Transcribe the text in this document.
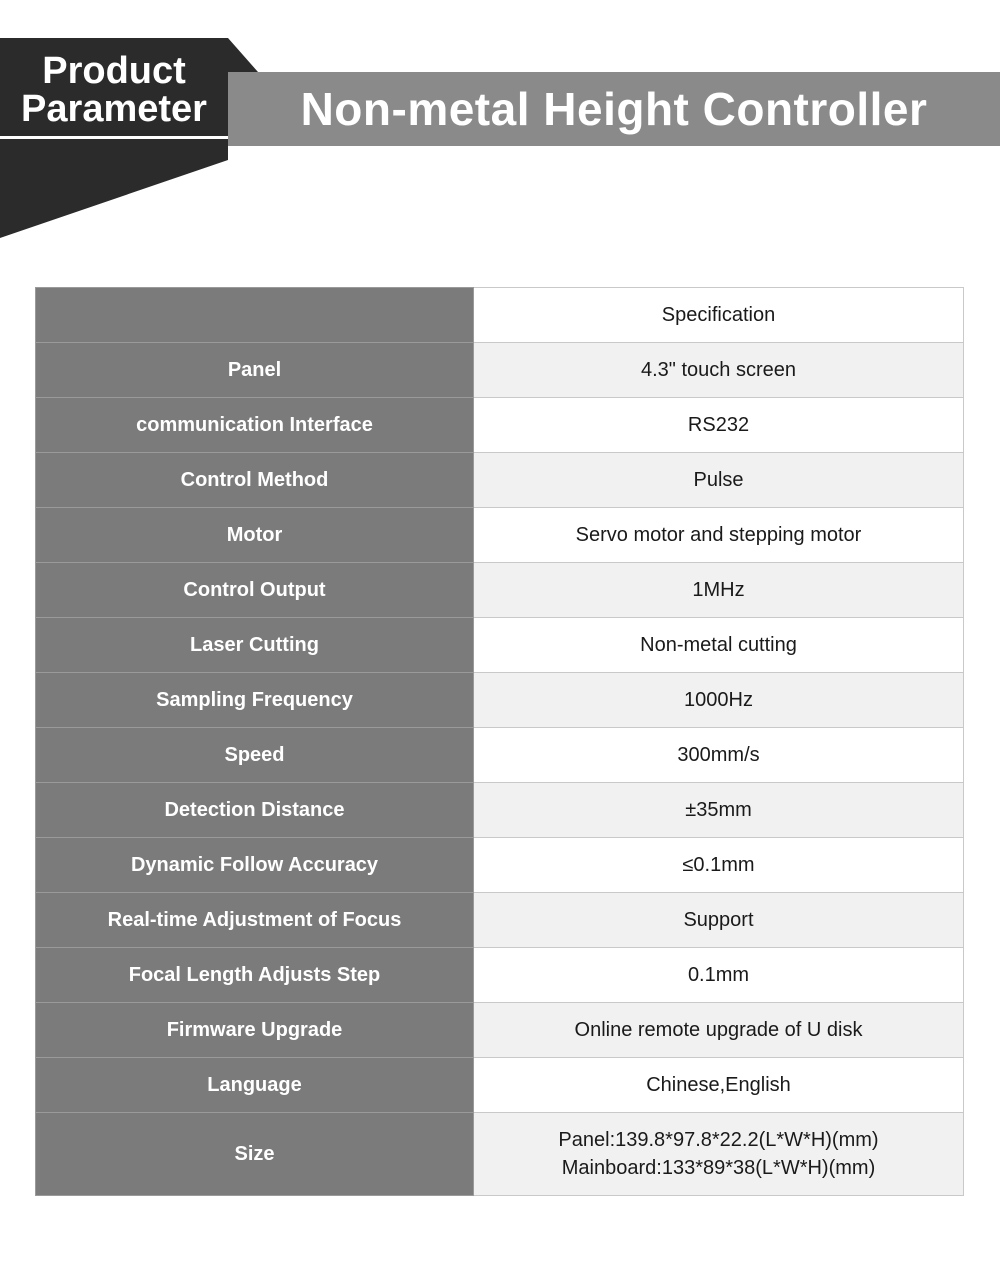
Product
Parameter	Non-metal Height Controller
	Specification
Panel	4.3" touch screen
communication Interface	RS232
Control Method	Pulse
Motor	Servo motor and stepping motor
Control Output	1MHz
Laser Cutting	Non-metal cutting
Sampling Frequency	1000Hz
Speed	300mm/s
Detection Distance	±35mm
Dynamic Follow Accuracy	≤0.1mm
Real-time Adjustment of Focus	Support
Focal Length Adjusts Step	0.1mm
Firmware Upgrade	Online remote upgrade of U disk
Language	Chinese,English
Size	Panel:139.8*97.8*22.2(L*W*H)(mm)
Mainboard:133*89*38(L*W*H)(mm)
